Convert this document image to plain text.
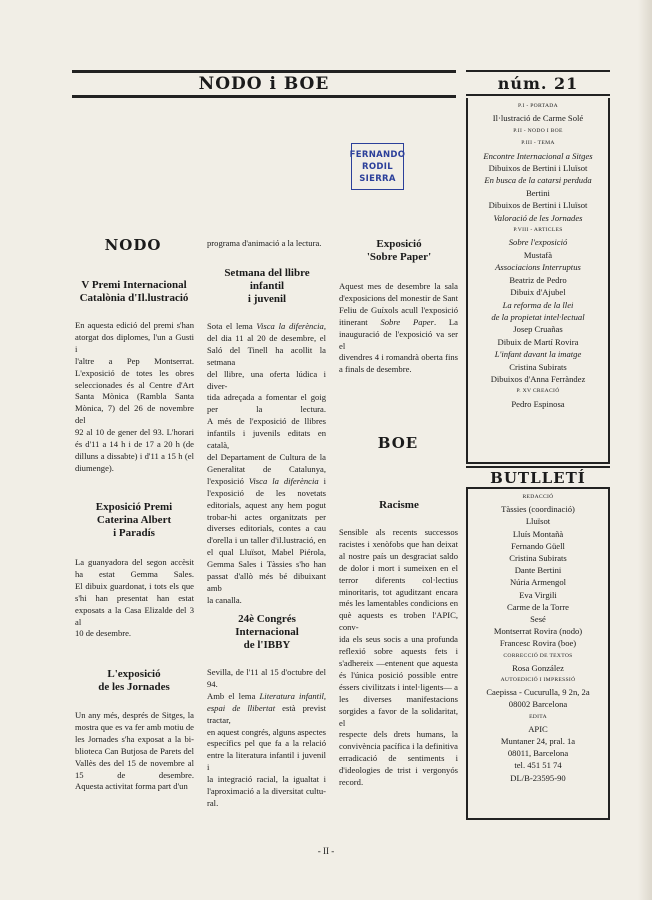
NODO i BOE
FERNANDO
RODIL
SIERRA
NODO
V Premi Internacional
Catalònia d'Il.lustració
En aquesta edició del premi s'han
atorgat dos diplomes, l'un a Gusti i
l'altre a Pep Montserrat.
L'exposició de totes les obres
seleccionades és al Centre d'Art
Santa Mònica (Rambla Santa
Mònica, 7) del 26 de novembre del
92 al 10 de gener del 93. L'horari
és d'11 a 14 h i de 17 a 20 h (de
dilluns a dissabte) i d'11 a 15 h (el
diumenge).
Exposició Premi
Caterina Albert
i Paradís
La guanyadora del segon accèsit
ha estat Gemma Sales.
El dibuix guardonat, i tots els que
s'hi han presentat han estat
exposats a la Casa Elizalde del 3 al
10 de desembre.
L'exposició
de les Jornades
Un any més, després de Sitges, la
mostra que es va fer amb motiu de
les Jornades s'ha exposat a la bi-
blioteca Can Butjosa de Parets del
Vallès des del 15 de novembre al
15 de desembre.
Aquesta activitat forma part d'un
programa d'animació a la lectura.
Setmana del llibre
infantil
i juvenil
Sota el lema Visca la diferència,
del dia 11 al 20 de desembre, el
Saló del Tinell ha acollit la setmana
del llibre, una oferta lúdica i diver-
tida adreçada a fomentar el goig
per la lectura.
A més de l'exposició de llibres
infantils i juvenils editats en català,
del Departament de Cultura de la
Generalitat de Catalunya,
l'exposició Visca la diferència i
l'exposició de les novetats
editorials, aquest any hem pogut
trobar-hi actes organitzats per
diverses editorials, contes a cau
d'orella i un taller d'il.lustració, en
el qual Lluïsot, Mabel Piérola,
Gemma Sales i Tàssies s'ho han
passat d'allò més bé dibuixant amb
la canalla.
24è Congrés
Internacional
de l'IBBY
Sevilla, de l'11 al 15 d'octubre del
94.
Amb el lema Literatura infantil,
espai de llibertat està previst tractar,
en aquest congrés, alguns aspectes
específics pel que fa a la relació
entre la literatura infantil i juvenil i
la integració racial, la igualtat i
l'aproximació a la diversitat cultu-
ral.
Exposició
'Sobre Paper'
Aquest mes de desembre la sala
d'exposicions del monestir de Sant
Feliu de Guíxols acull l'exposició
itinerant Sobre Paper. La
inauguració de l'exposició va ser el
divendres 4 i romandrà oberta fins
a finals de desembre.
BOE
Racisme
Sensible als recents successos
racistes i xenòfobs que han deixat
al nostre país un desgraciat saldo
de dolor i mort i sumeixen en el
terror diferents col·lectius
minoritaris, tot aguditzant encara
més les lamentables condicions en
què aquests es troben l'APIC, conv-
ida els seus socis a una profunda
reflexió sobre aquests fets i
s'adhereix —entenent que aquesta
és l'única posició possible entre
éssers civilitzats i intel·ligents— a
les diverses manifestacions
sorgides a favor de la solidaritat, el
respecte dels drets humans, la
convivència pacífica i la definitiva
erradicació de sentiments i
d'ideologies de trist i vergonyós
record.
núm. 21
P.I - PORTADA
Il·lustració de Carme Solé
P.II - NODO I BOE
P.III - TEMA
Encontre Internacional a Sitges
Dibuixos de Bertini i Lluïsot
En busca de la catarsi perduda
Bertini
Dibuixos de Bertini i Lluïsot
Valoració de les Jornades
P.VIII - ARTICLES
Sobre l'exposició
Mustafà
Associacions Interruptus
Beatriz de Pedro
Dibuix d'Ajubel
La reforma de la llei
de la propietat intel·lectual
Josep Cruañas
Dibuix de Martí Rovira
L'infant davant la imatge
Cristina Subirats
Dibuixos d'Anna Ferràndez
P. XV CREACIÓ
Pedro Espinosa
BUTLLETÍ
REDACCIÓ
Tàssies (coordinació)
Lluïsot
Lluís Montañà
Fernando Güell
Cristina Subirats
Dante Bertini
Núria Armengol
Eva Virgili
Carme de la Torre
Sesé
Montserrat Rovira (nodo)
Francesc Rovira (boe)
CORRECCIÓ DE TEXTOS
Rosa González
AUTOEDICIÓ I IMPRESSIÓ
Caepissa - Cucurulla, 9 2n, 2a
08002 Barcelona
EDITA
APIC
Muntaner 24, pral. 1a
08011, Barcelona
tel. 451 51 74
DL/B-23595-90
- II -
